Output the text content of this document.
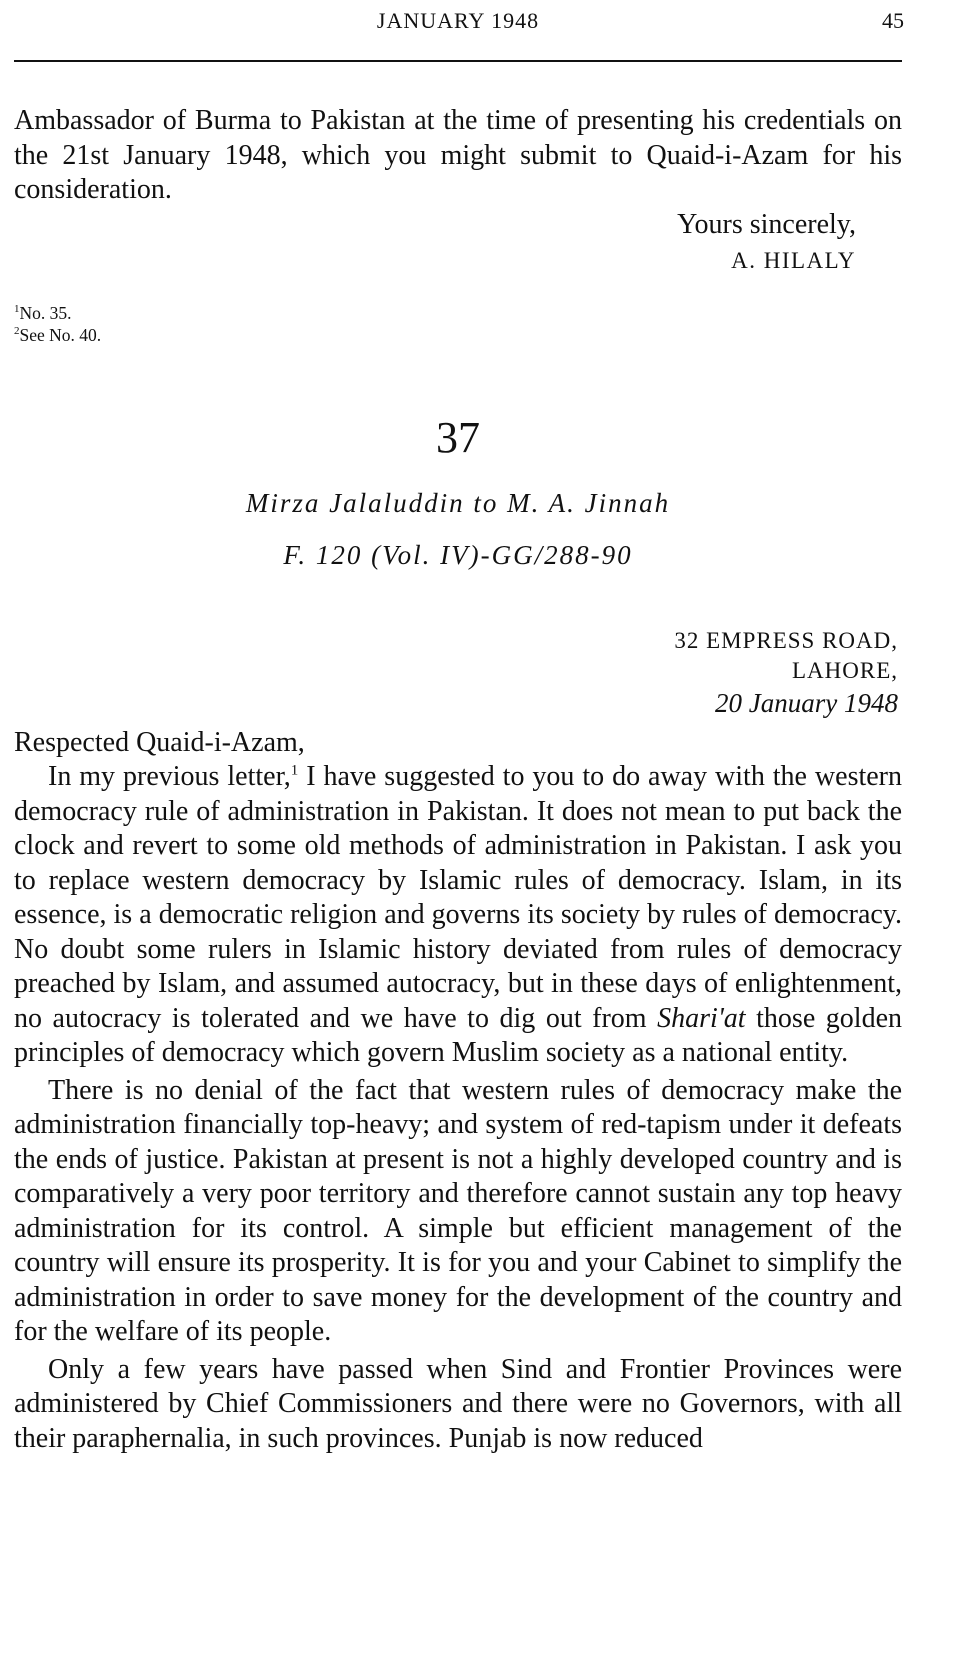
JANUARY 1948	45

Ambassador of Burma to Pakistan at the time of presenting his credentials on the 21st January 1948, which you might submit to Quaid-i-Azam for his consideration.

Yours sincerely,
A. HILALY
$^1$No. 35.
$^2$See No. 40.
37
Mirza Jalaluddin to M. A. Jinnah
F. 120 (Vol. IV)-GG/288-90
32 EMPRESS ROAD,
LAHORE,
20 January 1948
Respected Quaid-i-Azam,

In my previous letter,$^1$ I have suggested to you to do away with the western democracy rule of administration in Pakistan. It does not mean to put back the clock and revert to some old methods of administration in Pakistan. I ask you to replace western democracy by Islamic rules of democracy. Islam, in its essence, is a democratic religion and governs its society by rules of democracy. No doubt some rulers in Islamic history deviated from rules of democracy preached by Islam, and assumed autocracy, but in these days of enlightenment, no autocracy is tolerated and we have to dig out from Shari'at those golden principles of democracy which govern Muslim society as a national entity.

There is no denial of the fact that western rules of democracy make the administration financially top-heavy; and system of red-tapism under it defeats the ends of justice. Pakistan at present is not a highly developed country and is comparatively a very poor territory and therefore cannot sustain any top heavy administration for its control. A simple but efficient management of the country will ensure its prosperity. It is for you and your Cabinet to simplify the administration in order to save money for the development of the country and for the welfare of its people.

Only a few years have passed when Sind and Frontier Provinces were administered by Chief Commissioners and there were no Governors, with all their paraphernalia, in such provinces. Punjab is now reduced
